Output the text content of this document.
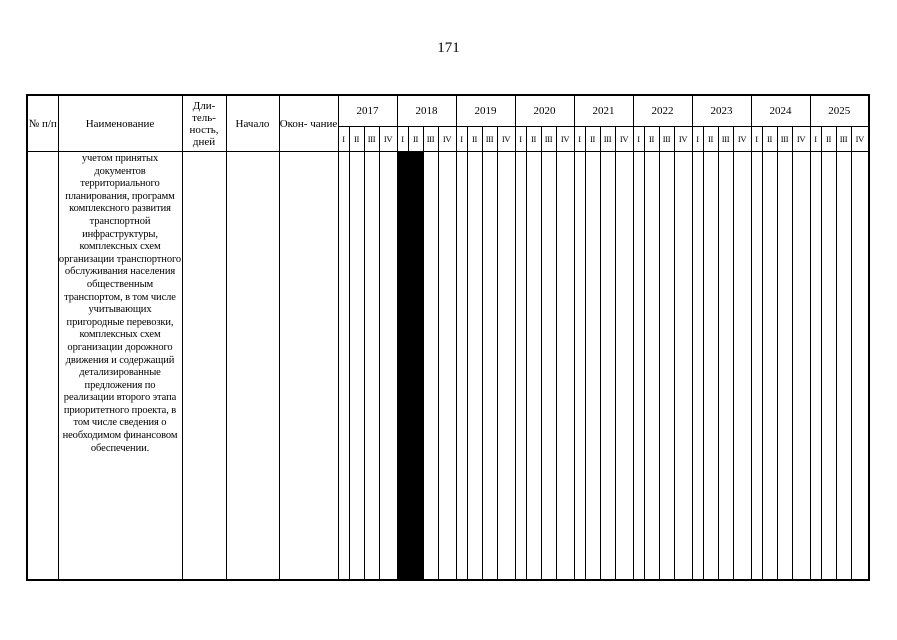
171
№ п/п	Наименование	Дли- тель- ность, дней	Начало	Окон- чание	2017				2018				2019				2020				2021				2022				2023				2024				2025			
					I	II	III	IV	I	II	III	IV	I	II	III	IV	I	II	III	IV	I	II	III	IV	I	II	III	IV	I	II	III	IV	I	II	III	IV	I	II	III	IV
	учетом принятых документов территориального планирования, программ комплексного развития транспортной инфраструктуры, комплексных схем организации транспортного обслуживания населения общественным транспортом, в том числе учитывающих пригородные перевозки, комплексных схем организации дорожного движения и содержащий детализированные предложения по реализации второго этапа приоритетного проекта, в том числе сведения о необходимом финансовом обеспечении.																																							
